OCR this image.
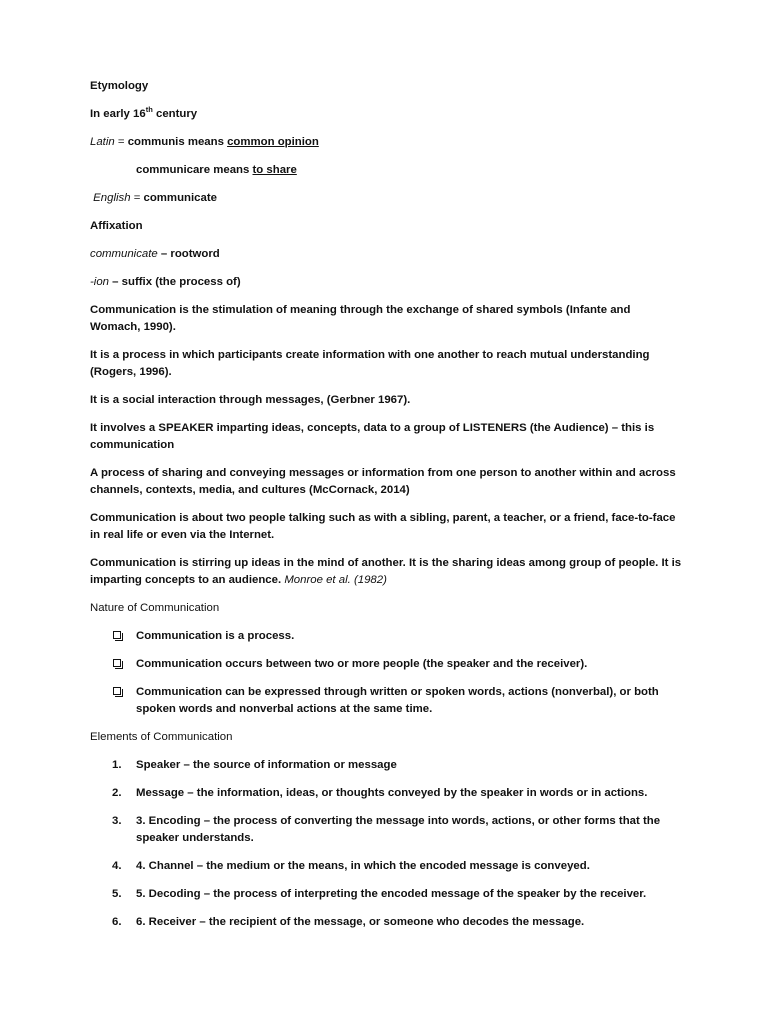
Etymology

In early 16th century

Latin = communis means common opinion

communicare means to share

English = communicate

Affixation

communicate – rootword

-ion – suffix (the process of)

Communication is the stimulation of meaning through the exchange of shared symbols (Infante and Womach, 1990).

It is a process in which participants create information with one another to reach mutual understanding (Rogers, 1996).

It is a social interaction through messages, (Gerbner 1967).

It involves a SPEAKER imparting ideas, concepts, data to a group of LISTENERS (the Audience) – this is communication

A process of sharing and conveying messages or information from one person to another within and across channels, contexts, media, and cultures (McCornack, 2014)

Communication is about two people talking such as with a sibling, parent, a teacher, or a friend, face-to-face in real life or even via the Internet.

Communication is stirring up ideas in the mind of another. It is the sharing ideas among group of people. It is imparting concepts to an audience. Monroe et al. (1982)

Nature of Communication

Communication is a process.
Communication occurs between two or more people (the speaker and the receiver).
Communication can be expressed through written or spoken words, actions (nonverbal), or both spoken words and nonverbal actions at the same time.

Elements of Communication

1. Speaker – the source of information or message
2. Message – the information, ideas, or thoughts conveyed by the speaker in words or in actions.
3. 3. Encoding – the process of converting the message into words, actions, or other forms that the speaker understands.
4. 4. Channel – the medium or the means, in which the encoded message is conveyed.
5. 5. Decoding – the process of interpreting the encoded message of the speaker by the receiver.
6. 6. Receiver – the recipient of the message, or someone who decodes the message.
